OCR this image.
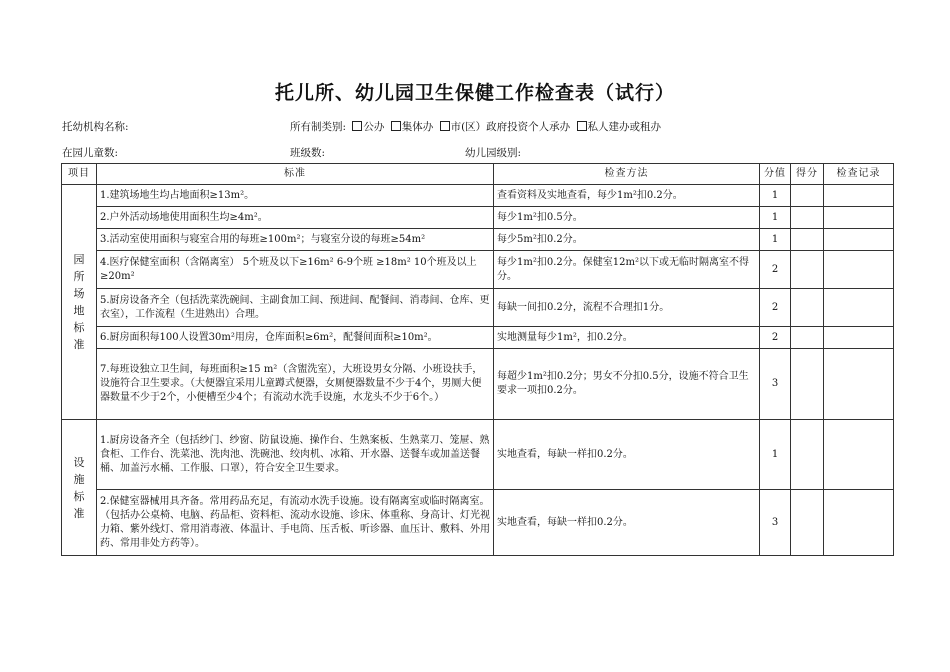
托儿所、幼儿园卫生保健工作检查表（试行）
托幼机构名称:	所有制类别: 公办 集体办 市(区）政府投资个人承办 私人建办或租办
在园儿童数:	班级数:	幼儿园级别:
项目	标准	检查方法	分值	得分	检查记录
园所场地标准	1.建筑场地生均占地面积≥13m²。	查看资料及实地查看，每少1m²扣0.2分。	1		
	2.户外活动场地使用面积生均≥4m²。	每少1m²扣0.5分。	1		
	3.活动室使用面积与寝室合用的每班≥100m²；与寝室分设的每班≥54m²	每少5m²扣0.2分。	1		
	4.医疗保健室面积（含隔离室） 5个班及以下≥16m² 6-9个班 ≥18m² 10个班及以上≥20m²	每少1m²扣0.2分。保健室12m²以下或无临时隔离室不得分。	2		
	5.厨房设备齐全（包括洗菜洗碗间、主副食加工间、预进间、配餐间、消毒间、仓库、更衣室），工作流程（生进熟出）合理。	每缺一间扣0.2分，流程不合理扣1分。	2		
	6.厨房面积每100人设置30m²用房，仓库面积≥6m²，配餐间面积≥10m²。	实地测量每少1m²，扣0.2分。	2		
	7.每班设独立卫生间，每班面积≥15 m²（含盥洗室），大班设男女分隔、小班设扶手，设施符合卫生要求。（大便器宜采用儿童蹲式便器，女厕便器数量不少于4个，男厕大便器数量不少于2个，小便槽至少4个；有流动水洗手设施，水龙头不少于6个。）	每超少1m²扣0.2分；男女不分扣0.5分，设施不符合卫生要求一项扣0.2分。	3		
设施标准	1.厨房设备齐全（包括纱门、纱窗、防鼠设施、操作台、生熟案板、生熟菜刀、笼屉、熟食柜、工作台、洗菜池、洗肉池、洗碗池、绞肉机、冰箱、开水器、送餐车或加盖送餐桶、加盖污水桶、工作服、口罩），符合安全卫生要求。	实地查看，每缺一样扣0.2分。	1		
	2.保健室器械用具齐备。常用药品充足，有流动水洗手设施。设有隔离室或临时隔离室。（包括办公桌椅、电脑、药品柜、资料柜、流动水设施、诊床、体重称、身高计、灯光视力箱、紫外线灯、常用消毒液、体温计、手电筒、压舌板、听诊器、血压计、敷料、外用药、常用非处方药等）。	实地查看，每缺一样扣0.2分。	3		
